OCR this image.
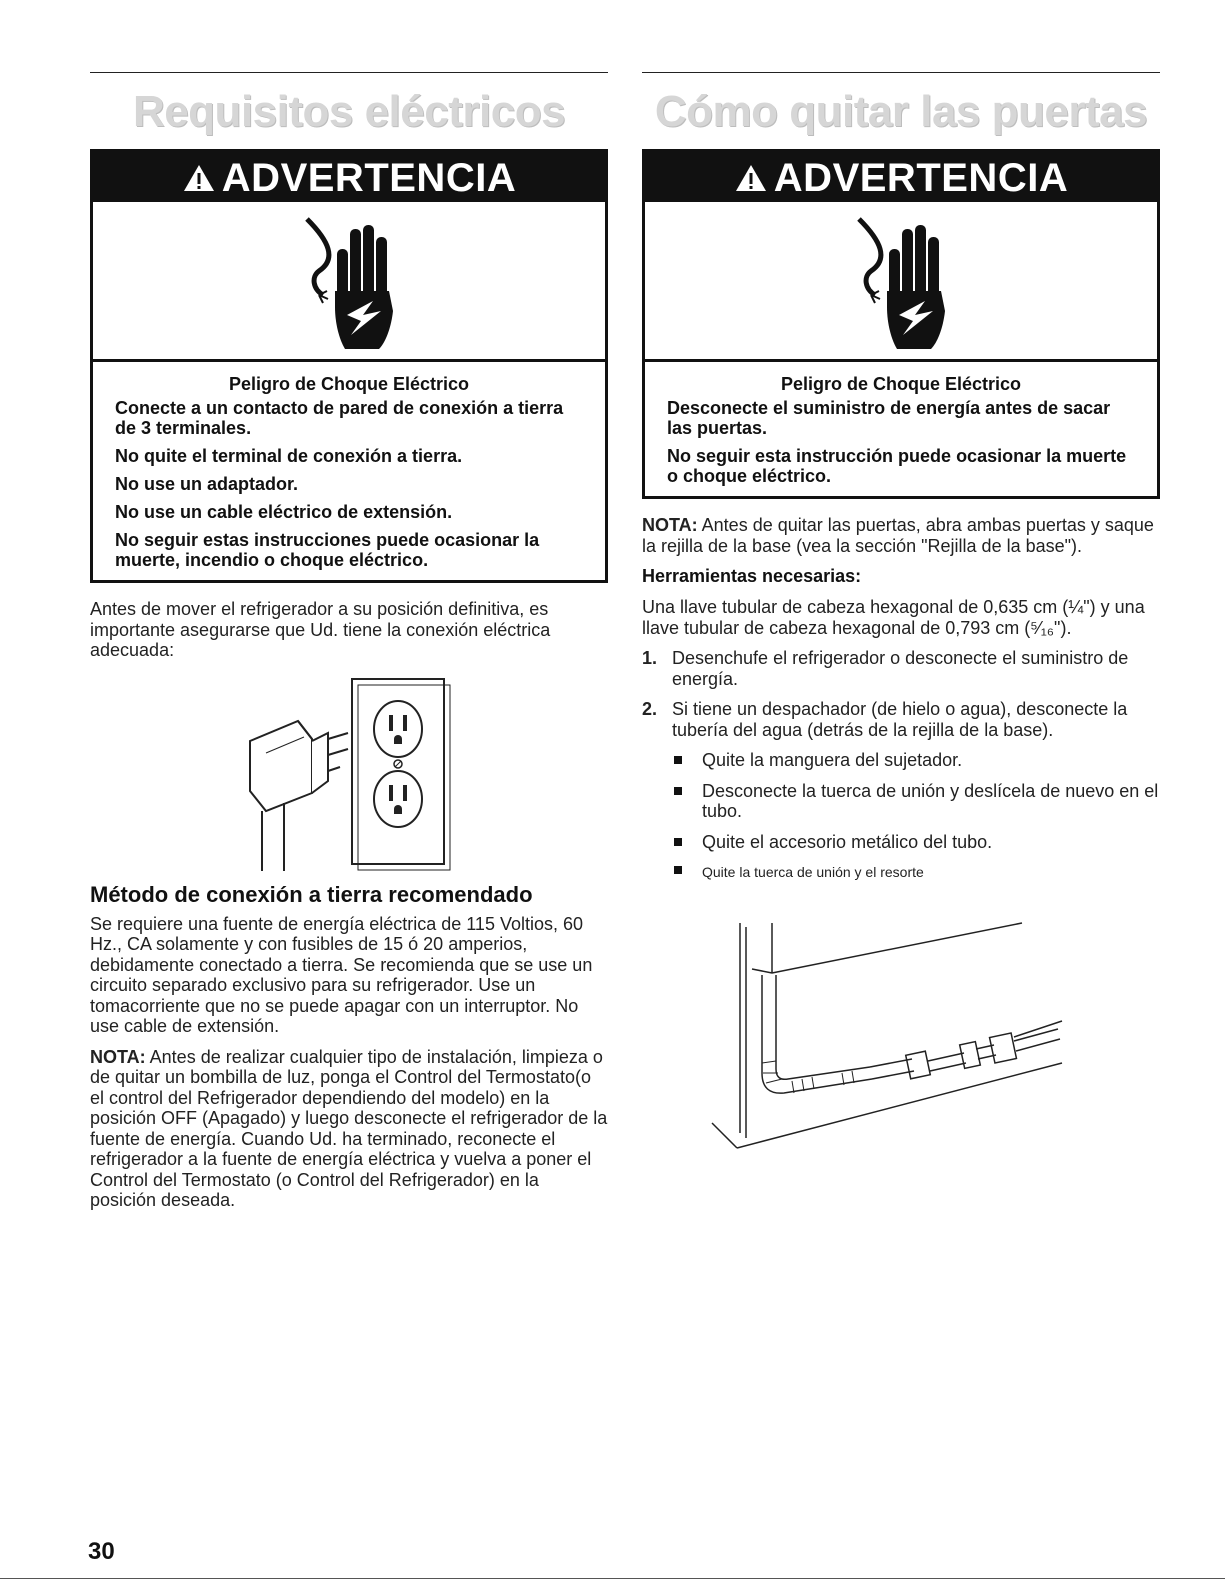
Requisitos eléctricos
ADVERTENCIA
Peligro de Choque Eléctrico

Conecte a un contacto de pared de conexión a tierra de 3 terminales.

No quite el terminal de conexión a tierra.

No use un adaptador.

No use un cable eléctrico de extensión.

No seguir estas instrucciones puede ocasionar la muerte, incendio o choque eléctrico.

Antes de mover el refrigerador a su posición definitiva, es importante asegurarse que Ud. tiene la conexión eléctrica adecuada:

Método de conexión a tierra recomendado

Se requiere una fuente de energía eléctrica de 115 Voltios, 60 Hz., CA solamente y con fusibles de 15 ó 20 amperios, debidamente conectado a tierra. Se recomienda que se use un circuito separado exclusivo para su refrigerador. Use un tomacorriente que no se puede apagar con un interruptor. No use cable de extensión.

NOTA: Antes de realizar cualquier tipo de instalación, limpieza o de quitar un bombilla de luz, ponga el Control del Termostato(o el control del Refrigerador dependiendo del modelo) en la posición OFF (Apagado) y luego desconecte el refrigerador de la fuente de energía. Cuando Ud. ha terminado, reconecte el refrigerador a la fuente de energía eléctrica y vuelva a poner el Control del Termostato (o Control del Refrigerador) en la posición deseada.

Cómo quitar las puertas
ADVERTENCIA
Peligro de Choque Eléctrico

Desconecte el suministro de energía antes de sacar las puertas.

No seguir esta instrucción puede ocasionar la muerte o choque eléctrico.

NOTA: Antes de quitar las puertas, abra ambas puertas y saque la rejilla de la base (vea la sección "Rejilla de la base").

Herramientas necesarias:

Una llave tubular de cabeza hexagonal de 0,635 cm (¼") y una llave tubular de cabeza hexagonal de 0,793 cm (⁵⁄₁₆").

1. Desenchufe el refrigerador o desconecte el suministro de energía.
2. Si tiene un despachador (de hielo o agua), desconecte la tubería del agua (detrás de la rejilla de la base).
Quite la manguera del sujetador.
Desconecte la tuerca de unión y deslícela de nuevo en el tubo.
Quite el accesorio metálico del tubo.
Quite la tuerca de unión y el resorte
30
